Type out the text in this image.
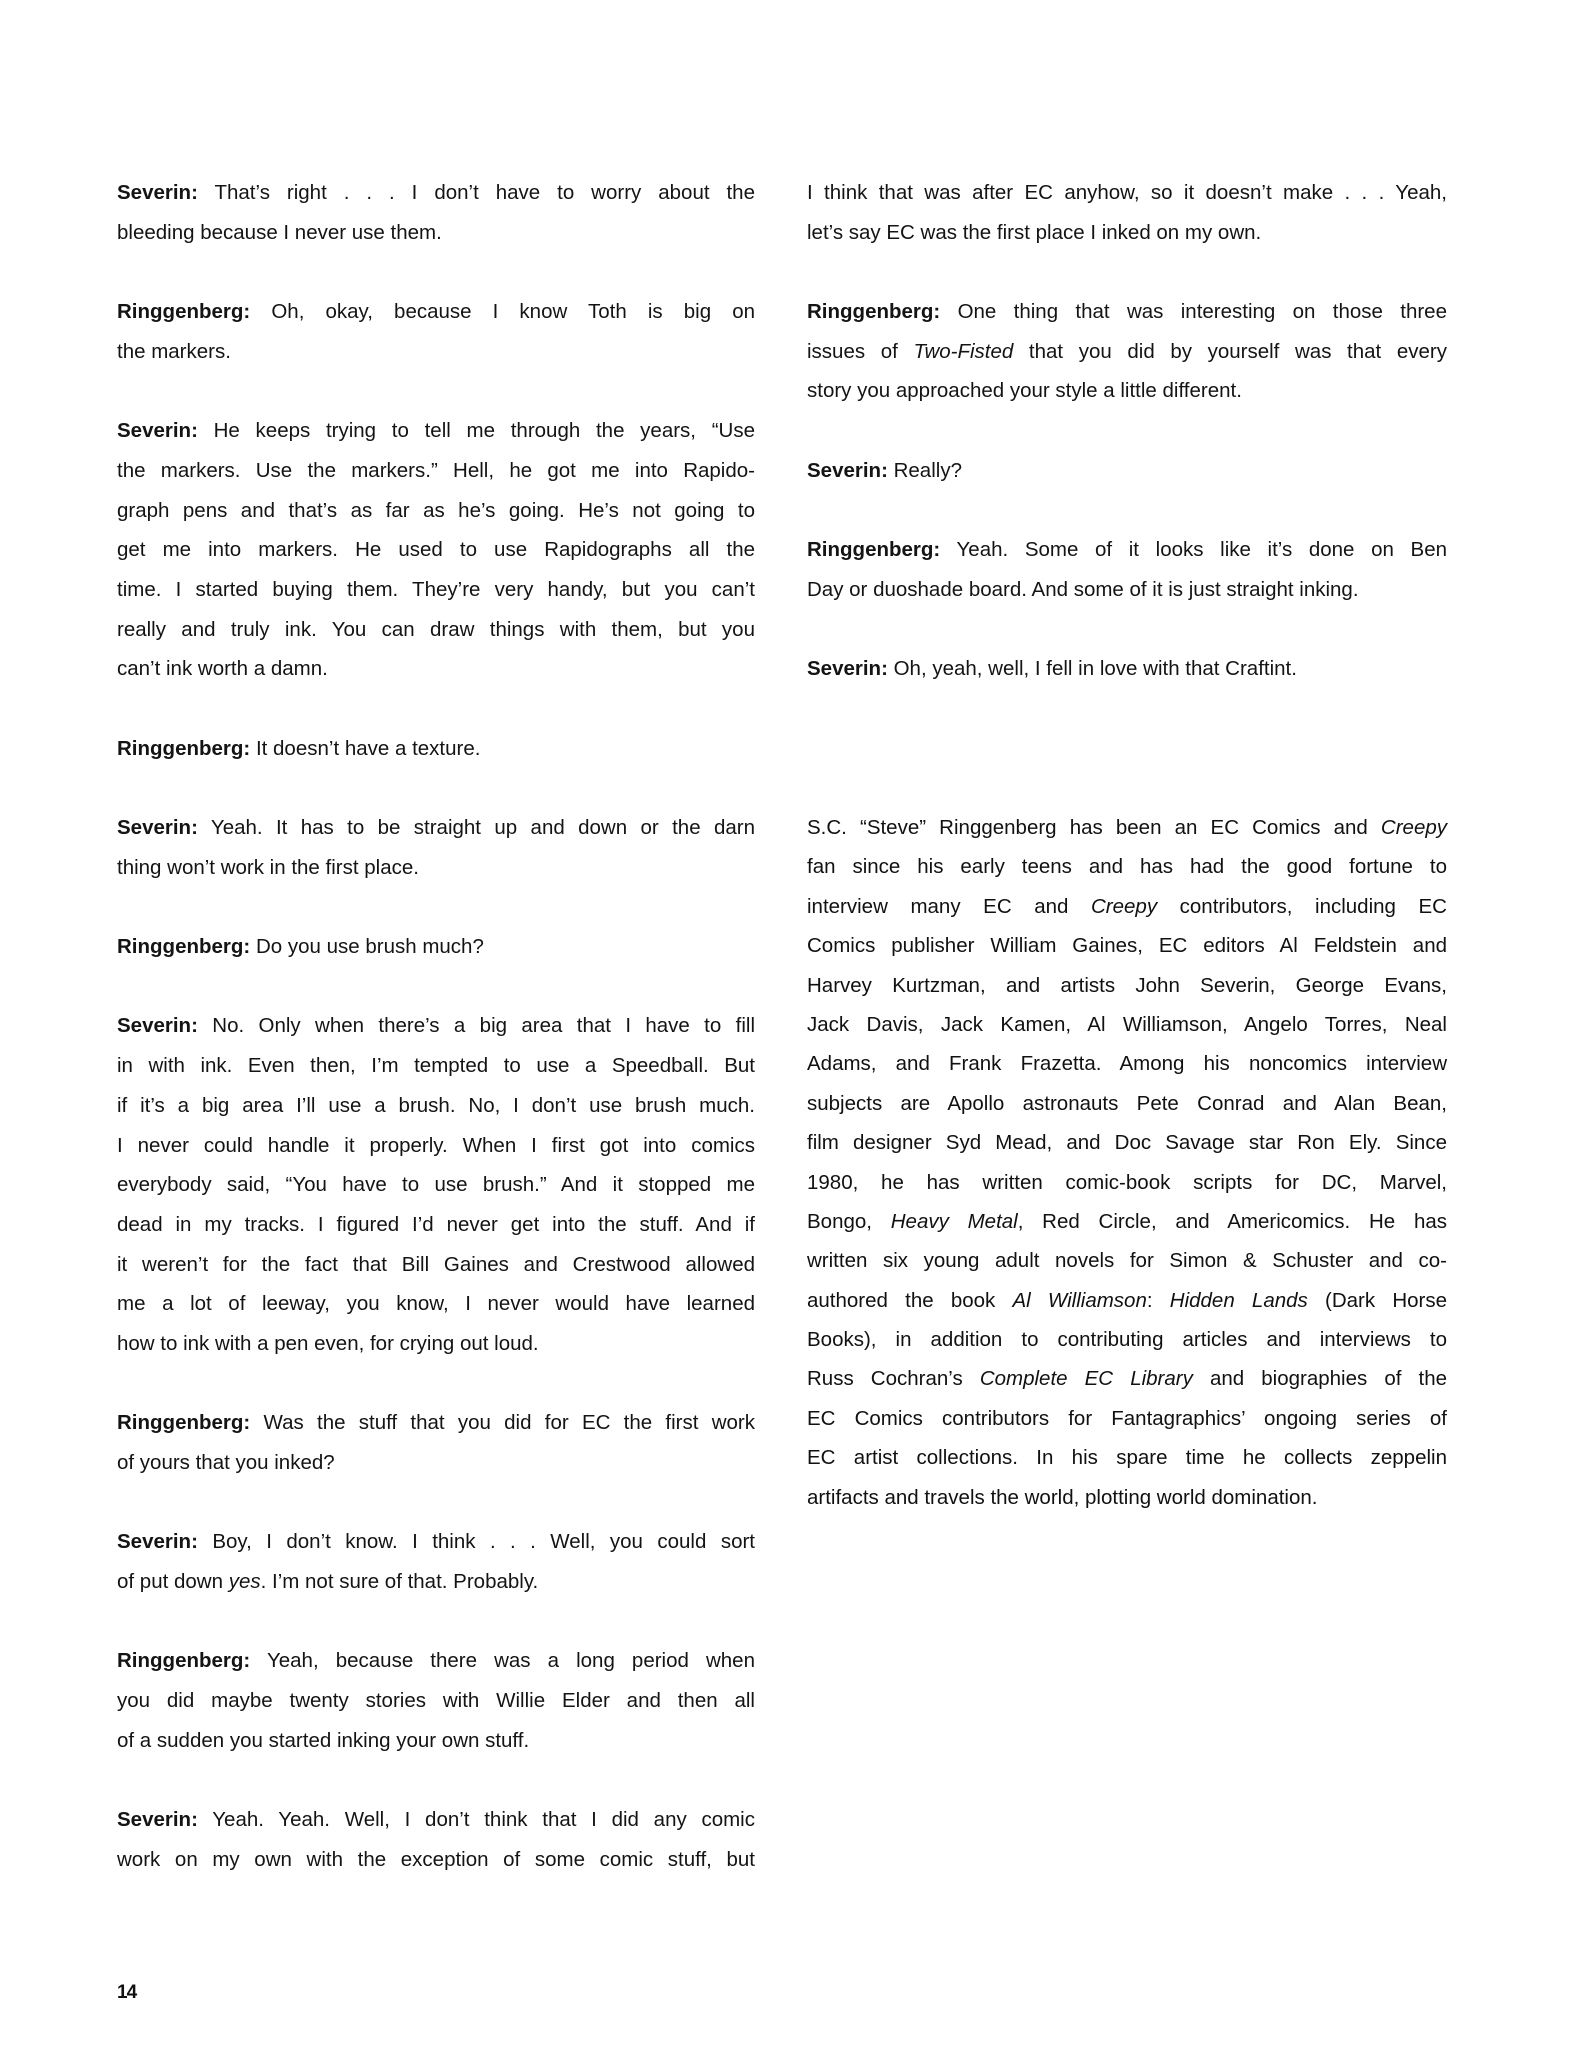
Severin: That’s right . . . I don’t have to worry about the
bleeding because I never use them.
Ringgenberg: Oh, okay, because I know Toth is big on
the markers.
Severin: He keeps trying to tell me through the years, “Use
the markers. Use the markers.” Hell, he got me into Rapido-
graph pens and that’s as far as he’s going. He’s not going to
get me into markers. He used to use Rapidographs all the
time. I started buying them. They’re very handy, but you can’t
really and truly ink. You can draw things with them, but you
can’t ink worth a damn.
Ringgenberg: It doesn’t have a texture.
Severin: Yeah. It has to be straight up and down or the darn
thing won’t work in the first place.
Ringgenberg: Do you use brush much?
Severin: No. Only when there’s a big area that I have to fill
in with ink. Even then, I’m tempted to use a Speedball. But
if it’s a big area I’ll use a brush. No, I don’t use brush much.
I never could handle it properly. When I first got into comics
everybody said, “You have to use brush.” And it stopped me
dead in my tracks. I figured I’d never get into the stuff. And if
it weren’t for the fact that Bill Gaines and Crestwood allowed
me a lot of leeway, you know, I never would have learned
how to ink with a pen even, for crying out loud.
Ringgenberg: Was the stuff that you did for EC the first work
of yours that you inked?
Severin: Boy, I don’t know. I think . . . Well, you could sort
of put down yes. I’m not sure of that. Probably.
Ringgenberg: Yeah, because there was a long period when
you did maybe twenty stories with Willie Elder and then all
of a sudden you started inking your own stuff.
Severin: Yeah. Yeah. Well, I don’t think that I did any comic
work on my own with the exception of some comic stuff, but
I think that was after EC anyhow, so it doesn’t make . . . Yeah,
let’s say EC was the first place I inked on my own.
Ringgenberg: One thing that was interesting on those three
issues of Two-Fisted that you did by yourself was that every
story you approached your style a little different.
Severin: Really?
Ringgenberg: Yeah. Some of it looks like it’s done on Ben
Day or duoshade board. And some of it is just straight inking.
Severin: Oh, yeah, well, I fell in love with that Craftint.
S.C. “Steve” Ringgenberg has been an EC Comics and Creepy
fan since his early teens and has had the good fortune to
interview many EC and Creepy contributors, including EC
Comics publisher William Gaines, EC editors Al Feldstein and
Harvey Kurtzman, and artists John Severin, George Evans,
Jack Davis, Jack Kamen, Al Williamson, Angelo Torres, Neal
Adams, and Frank Frazetta. Among his noncomics interview
subjects are Apollo astronauts Pete Conrad and Alan Bean,
film designer Syd Mead, and Doc Savage star Ron Ely. Since
1980, he has written comic-book scripts for DC, Marvel,
Bongo, Heavy Metal, Red Circle, and Americomics. He has
written six young adult novels for Simon & Schuster and co-
authored the book Al Williamson: Hidden Lands (Dark Horse
Books), in addition to contributing articles and interviews to
Russ Cochran’s Complete EC Library and biographies of the
EC Comics contributors for Fantagraphics’ ongoing series of
EC artist collections. In his spare time he collects zeppelin
artifacts and travels the world, plotting world domination.
14
